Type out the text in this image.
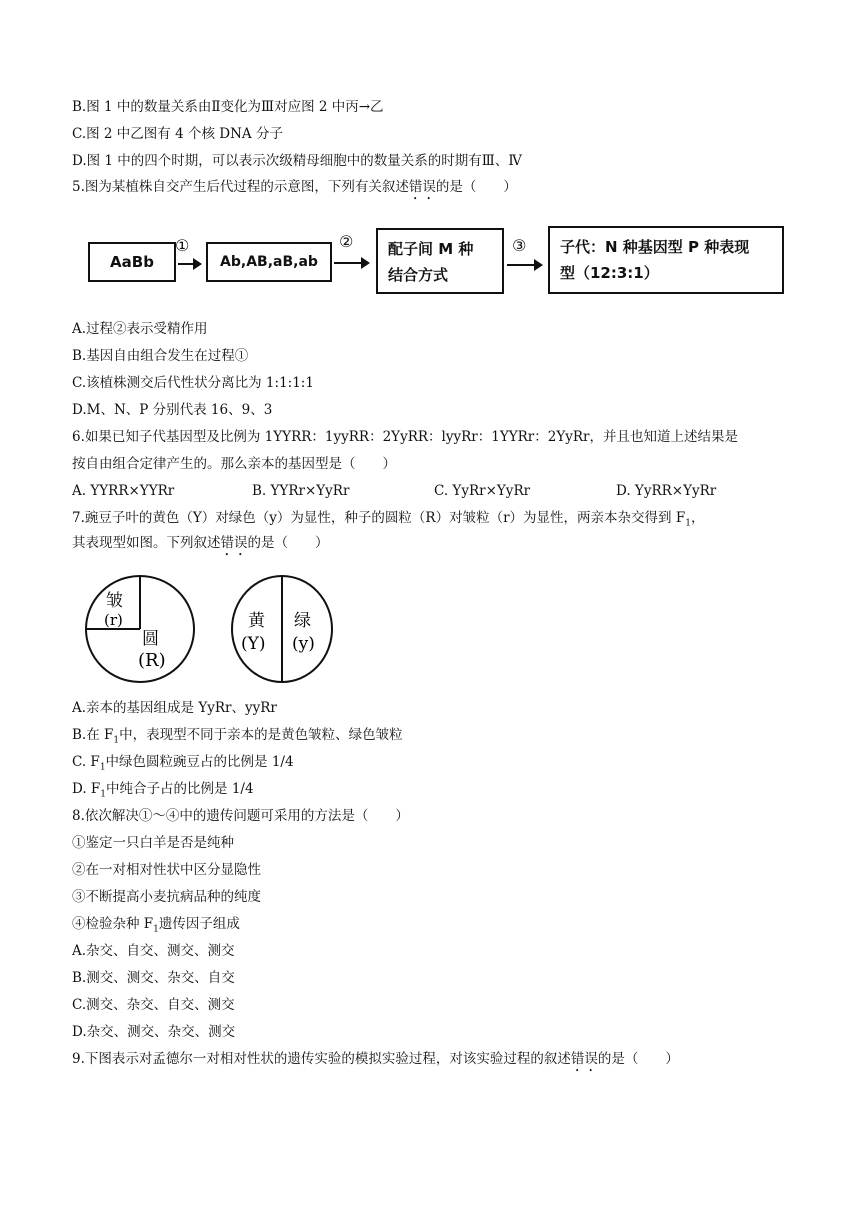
B.图 1 中的数量关系由Ⅱ变化为Ⅲ对应图 2 中丙→乙
C.图 2 中乙图有 4 个核 DNA 分子
D.图 1 中的四个时期，可以表示次级精母细胞中的数量关系的时期有Ⅲ、Ⅳ
5.图为某植株自交产生后代过程的示意图，下列有关叙述错误的是（　　）
AaBb
①
Ab,AB,aB,ab
② 配子间 M 种
结合方式
③ 子代：N 种基因型 P 种表现
型（12:3:1）
A.过程②表示受精作用
B.基因自由组合发生在过程①
C.该植株测交后代性状分离比为 1:1:1:1
D.M、N、P 分别代表 16、9、3
6.如果已知子代基因型及比例为 1YYRR：1yyRR：2YyRR：lyyRr：1YYRr：2YyRr，并且也知道上述结果是
按自由组合定律产生的。那么亲本的基因型是（　　）
A. YYRR×YYRr	B. YYRr×YyRr	C. YyRr×YyRr	D. YyRR×YyRr
7.豌豆子叶的黄色（Y）对绿色（y）为显性，种子的圆粒（R）对皱粒（r）为显性，两亲本杂交得到 $F_1$，
其表现型如图。下列叙述错误的是（　　）
皱
(r)
圆
(R)
黄
(Y)
绿
(y)
A.亲本的基因组成是 YyRr、yyRr
B.在 $F_1$中，表现型不同于亲本的是黄色皱粒、绿色皱粒
C. $F_1$中绿色圆粒豌豆占的比例是 1/4
D. $F_1$中纯合子占的比例是 1/4
8.依次解决①～④中的遗传问题可采用的方法是（　　）
①鉴定一只白羊是否是纯种
②在一对相对性状中区分显隐性
③不断提高小麦抗病品种的纯度
④检验杂种 $F_1$遗传因子组成
A.杂交、自交、测交、测交
B.测交、测交、杂交、自交
C.测交、杂交、自交、测交
D.杂交、测交、杂交、测交
9.下图表示对孟德尔一对相对性状的遗传实验的模拟实验过程，对该实验过程的叙述错误的是（　　）
